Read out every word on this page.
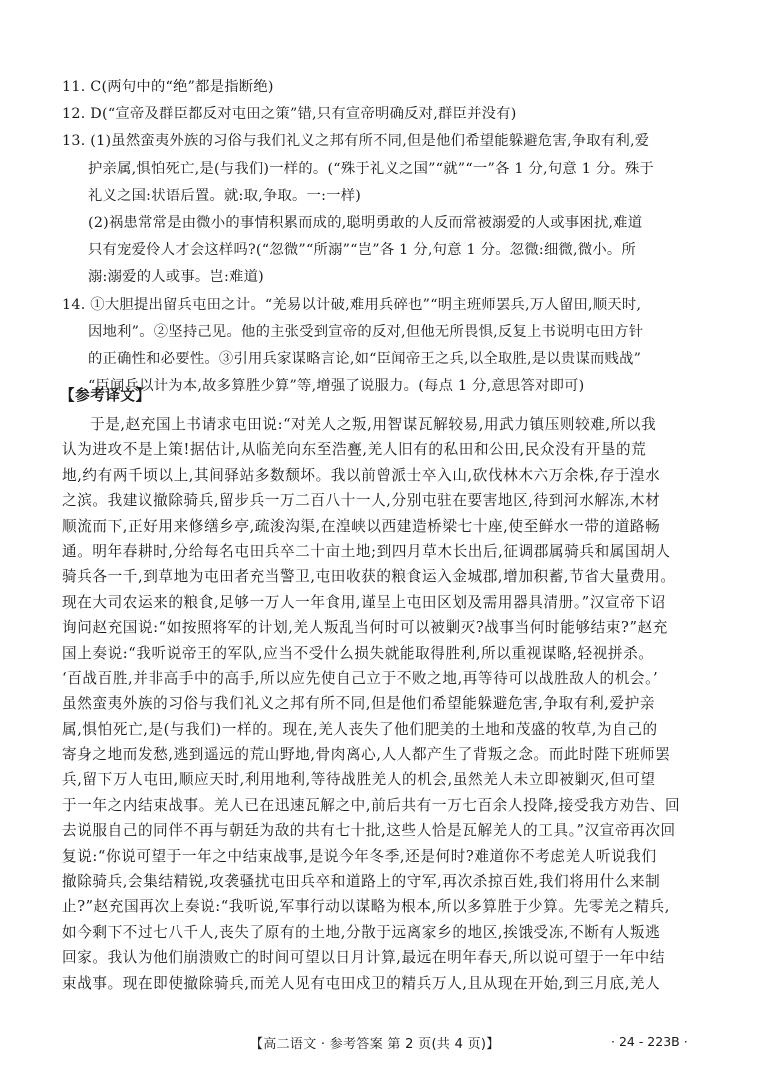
11. C(两句中的“绝”都是指断绝)
12. D(“宣帝及群臣都反对屯田之策”错,只有宣帝明确反对,群臣并没有)
13. (1)虽然蛮夷外族的习俗与我们礼义之邦有所不同,但是他们希望能躲避危害,争取有利,爱
护亲属,惧怕死亡,是(与我们)一样的。(“殊于礼义之国”“就”“一”各 1 分,句意 1 分。殊于
礼义之国:状语后置。就:取,争取。一:一样)
(2)祸患常常是由微小的事情积累而成的,聪明勇敢的人反而常被溺爱的人或事困扰,难道
只有宠爱伶人才会这样吗?(“忽微”“所溺”“岂”各 1 分,句意 1 分。忽微:细微,微小。所
溺:溺爱的人或事。岂:难道)
14. ①大胆提出留兵屯田之计。“羌易以计破,难用兵碎也”“明主班师罢兵,万人留田,顺天时,
因地利”。②坚持己见。他的主张受到宣帝的反对,但他无所畏惧,反复上书说明屯田方针
的正确性和必要性。③引用兵家谋略言论,如“臣闻帝王之兵,以全取胜,是以贵谋而贱战”
“臣闻兵以计为本,故多算胜少算”等,增强了说服力。(每点 1 分,意思答对即可)
【参考译文】
于是,赵充国上书请求屯田说:“对羌人之叛,用智谋瓦解较易,用武力镇压则较难,所以我
认为进攻不是上策!据估计,从临羌向东至浩亹,羌人旧有的私田和公田,民众没有开垦的荒
地,约有两千顷以上,其间驿站多数颓坏。我以前曾派士卒入山,砍伐林木六万余株,存于湟水
之滨。我建议撤除骑兵,留步兵一万二百八十一人,分别屯驻在要害地区,待到河水解冻,木材
顺流而下,正好用来修缮乡亭,疏浚沟渠,在湟峡以西建造桥梁七十座,使至鲜水一带的道路畅
通。明年春耕时,分给每名屯田兵卒二十亩土地;到四月草木长出后,征调郡属骑兵和属国胡人
骑兵各一千,到草地为屯田者充当警卫,屯田收获的粮食运入金城郡,增加积蓄,节省大量费用。
现在大司农运来的粮食,足够一万人一年食用,谨呈上屯田区划及需用器具清册。”汉宣帝下诏
询问赵充国说:“如按照将军的计划,羌人叛乱当何时可以被剿灭?战事当何时能够结束?”赵充
国上奏说:“我听说帝王的军队,应当不受什么损失就能取得胜利,所以重视谋略,轻视拼杀。
‘百战百胜,并非高手中的高手,所以应先使自己立于不败之地,再等待可以战胜敌人的机会。’
虽然蛮夷外族的习俗与我们礼义之邦有所不同,但是他们希望能躲避危害,争取有利,爱护亲
属,惧怕死亡,是(与我们)一样的。现在,羌人丧失了他们肥美的土地和茂盛的牧草,为自己的
寄身之地而发愁,逃到遥远的荒山野地,骨肉离心,人人都产生了背叛之念。而此时陛下班师罢
兵,留下万人屯田,顺应天时,利用地利,等待战胜羌人的机会,虽然羌人未立即被剿灭,但可望
于一年之内结束战事。羌人已在迅速瓦解之中,前后共有一万七百余人投降,接受我方劝告、回
去说服自己的同伴不再与朝廷为敌的共有七十批,这些人恰是瓦解羌人的工具。”汉宣帝再次回
复说:“你说可望于一年之中结束战事,是说今年冬季,还是何时?难道你不考虑羌人听说我们
撤除骑兵,会集结精锐,攻袭骚扰屯田兵卒和道路上的守军,再次杀掠百姓,我们将用什么来制
止?”赵充国再次上奏说:“我听说,军事行动以谋略为根本,所以多算胜于少算。先零羌之精兵,
如今剩下不过七八千人,丧失了原有的土地,分散于远离家乡的地区,挨饿受冻,不断有人叛逃
回家。我认为他们崩溃败亡的时间可望以日月计算,最远在明年春天,所以说可望于一年中结
束战事。现在即使撤除骑兵,而羌人见有屯田戍卫的精兵万人,且从现在开始,到三月底,羌人
【高二语文 · 参考答案 第 2 页(共 4 页)】	· 24 - 223B ·
